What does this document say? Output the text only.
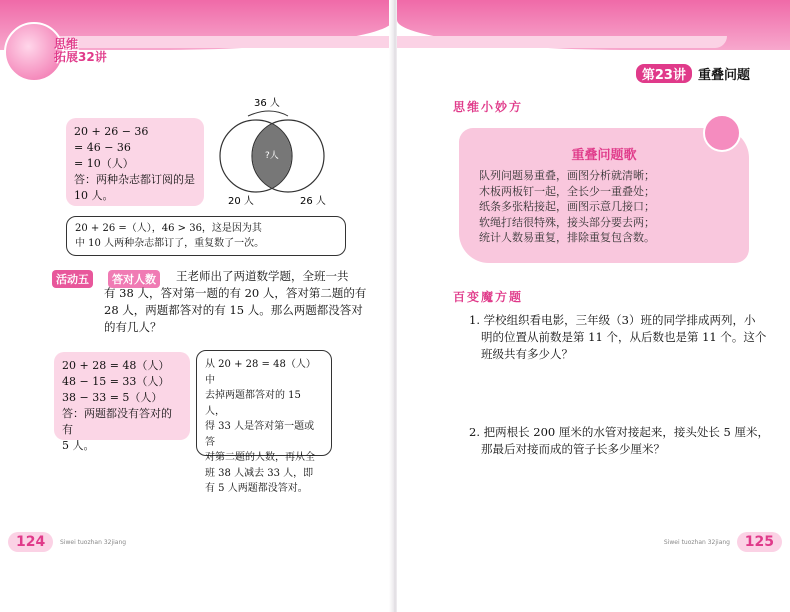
思维
拓展32讲
20 + 26 − 36
= 46 − 36
= 10（人）
答：两种杂志都订阅的是
10 人。
36 人
?人
20 人	26 人
20 + 26 =（人），46 > 36，这是因为其
中 10 人两种杂志都订了，重复数了一次。
活动五	答对人数	王老师出了两道数学题，全班一共
有 38 人，答对第一题的有 20 人，答对第二题的有
28 人，两题都答对的有 15 人。那么两题都没答对
的有几人？
20 + 28 = 48（人）
48 − 15 = 33（人）
38 − 33 = 5（人）
答：两题都没有答对的有
5 人。
从 20 + 28 = 48（人）中
去掉两题都答对的 15 人，
得 33 人是答对第一题或答
对第二题的人数，再从全
班 38 人减去 33 人，即
有 5 人两题都没答对。
124	Siwei tuozhan 32jiang
第23讲 重叠问题
思维小妙方
重叠问题歌
队列问题易重叠，画图分析就清晰；
木板两板钉一起，全长少一重叠处；
纸条多张粘接起，画图示意几接口；
软绳打结很特殊，接头部分要去两；
统计人数易重复，排除重复包含数。
百变魔方题
1. 学校组织看电影，三年级（3）班的同学排成两列，小
明的位置从前数是第 11 个，从后数也是第 11 个。这个
班级共有多少人？
2. 把两根长 200 厘米的水管对接起来，接头处长 5 厘米，
那最后对接而成的管子长多少厘米？
Siwei tuozhan 32jiang	125
